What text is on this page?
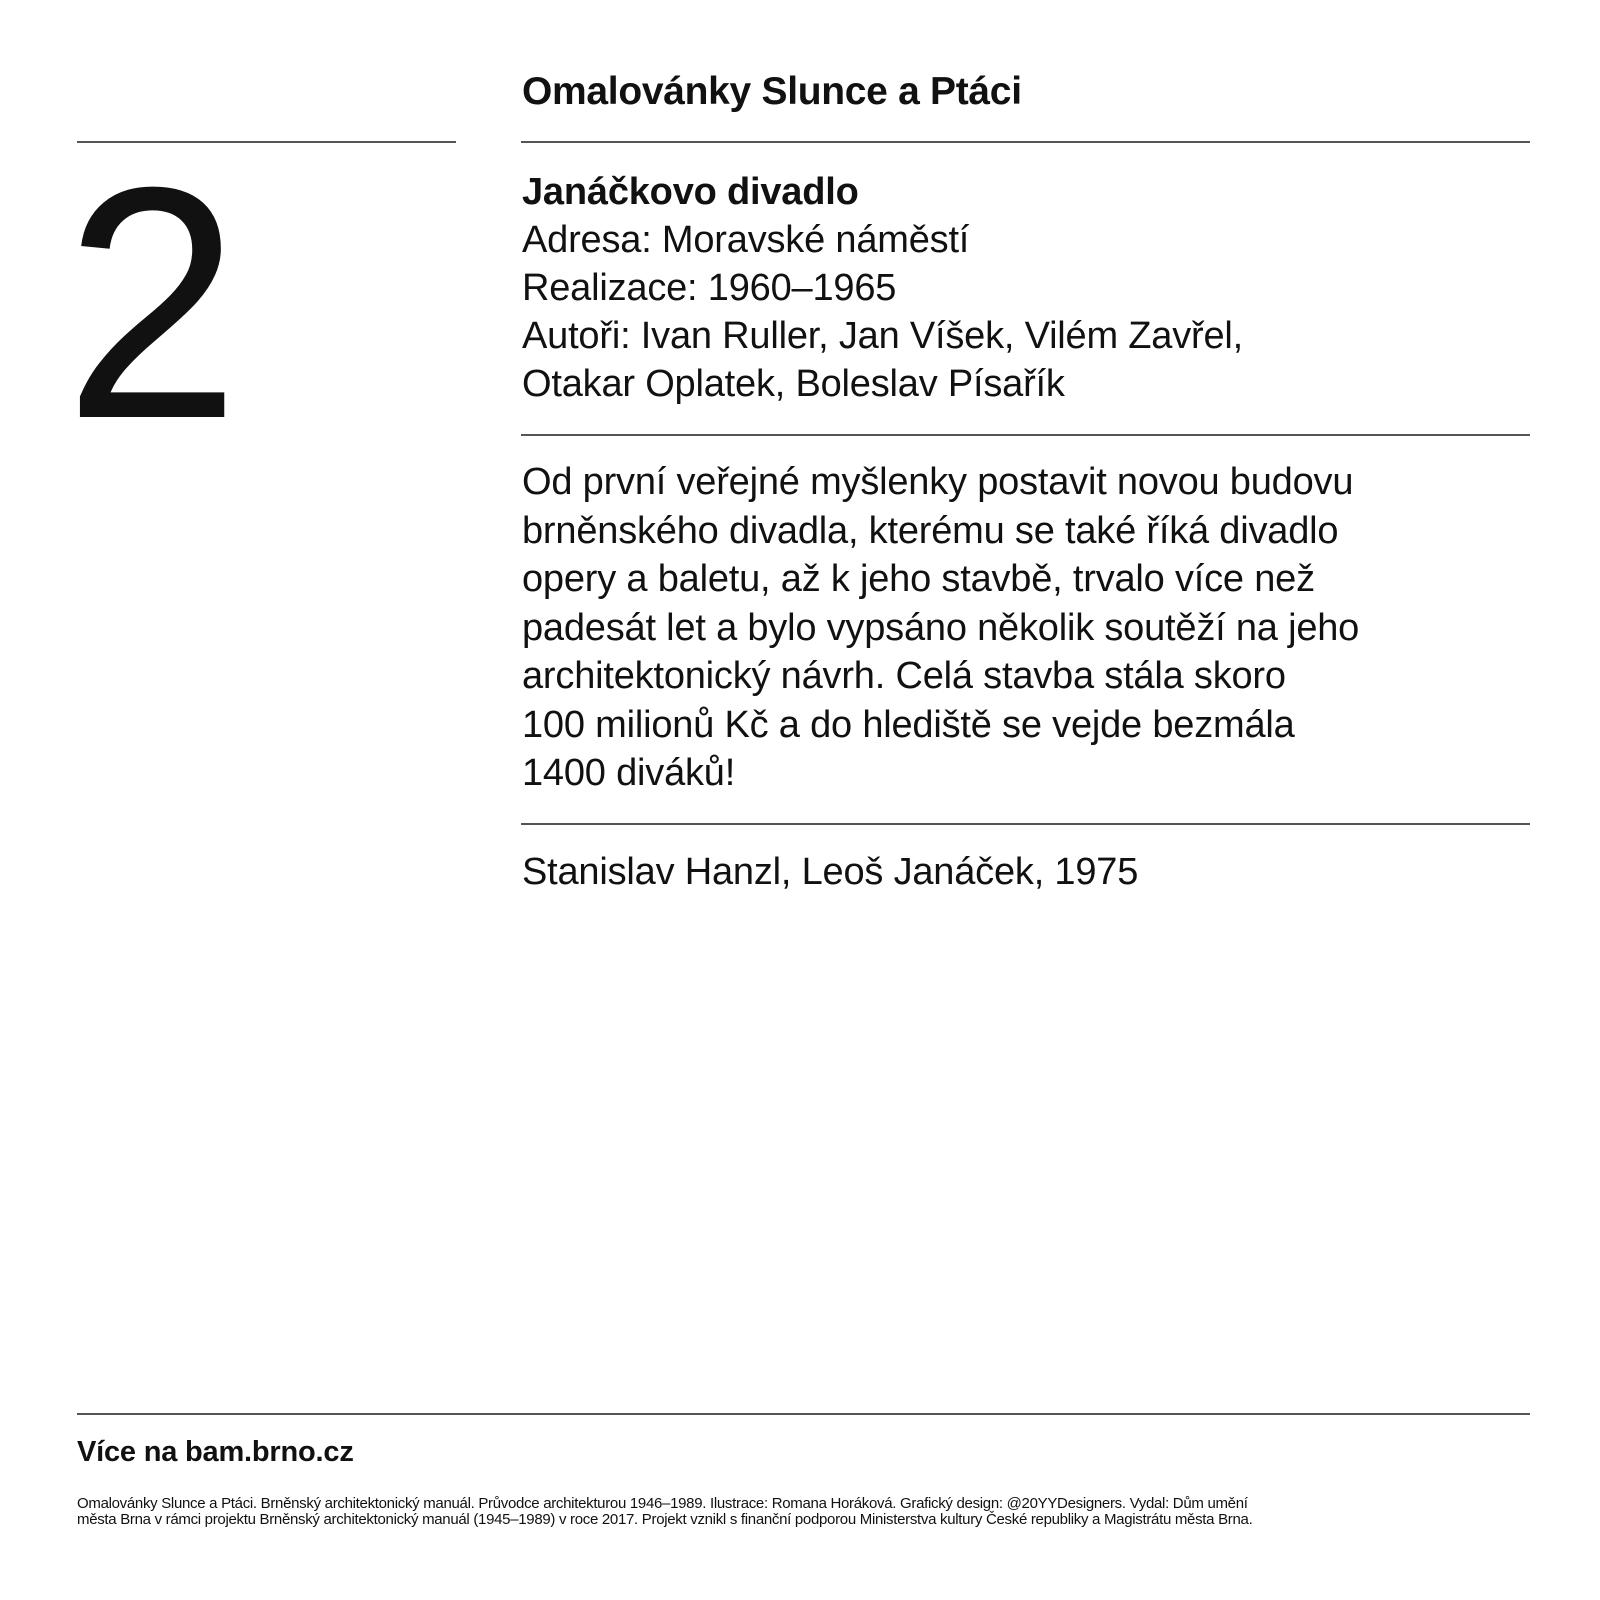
Omalovánky Slunce a Ptáci
2	Janáčkovo divadlo
Adresa: Moravské náměstí
Realizace: 1960–1965
Autoři: Ivan Ruller, Jan Víšek, Vilém Zavřel,
Otakar Oplatek, Boleslav Písařík
Od první veřejné myšlenky postavit novou budovu
brněnského divadla, kterému se také říká divadlo
opery a baletu, až k jeho stavbě, trvalo více než
padesát let a bylo vypsáno několik soutěží na jeho
architektonický návrh. Celá stavba stála skoro
100 milionů Kč a do hlediště se vejde bezmála
1400 diváků!
Stanislav Hanzl, Leoš Janáček, 1975
Více na bam.brno.cz
Omalovánky Slunce a Ptáci. Brněnský architektonický manuál. Průvodce architekturou 1946–1989. Ilustrace: Romana Horáková. Grafický design: @20YYDesigners. Vydal: Dům umění
města Brna v rámci projektu Brněnský architektonický manuál (1945–1989) v roce 2017. Projekt vznikl s finanční podporou Ministerstva kultury České republiky a Magistrátu města Brna.
